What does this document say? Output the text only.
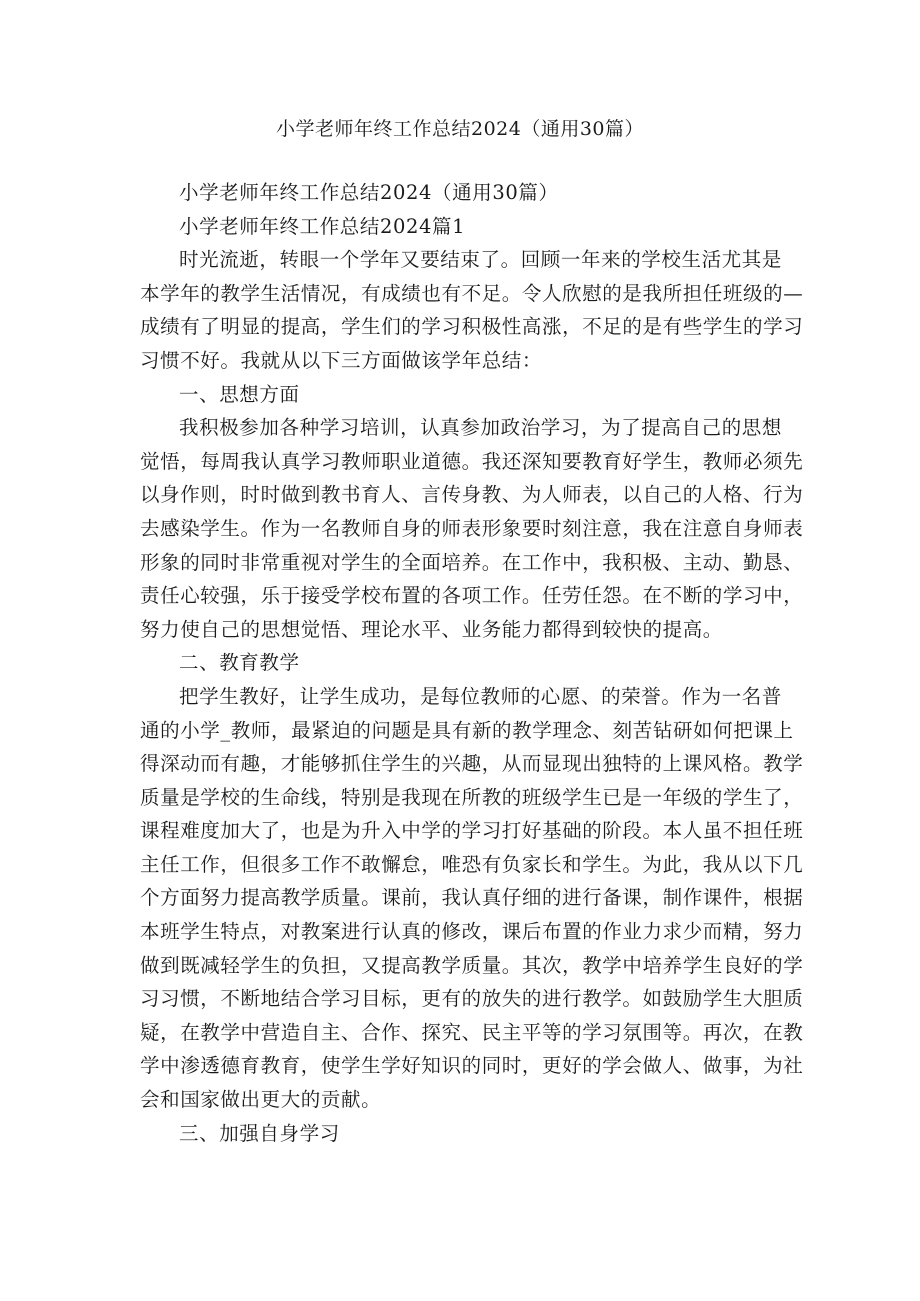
小学老师年终工作总结2024（通用30篇）
小学老师年终工作总结2024（通用30篇）
小学老师年终工作总结2024篇1
时光流逝，转眼一个学年又要结束了。回顾一年来的学校生活尤其是
本学年的教学生活情况，有成绩也有不足。令人欣慰的是我所担任班级的—
成绩有了明显的提高，学生们的学习积极性高涨，不足的是有些学生的学习
习惯不好。我就从以下三方面做该学年总结：
一、思想方面
我积极参加各种学习培训，认真参加政治学习，为了提高自己的思想
觉悟，每周我认真学习教师职业道德。我还深知要教育好学生，教师必须先
以身作则，时时做到教书育人、言传身教、为人师表，以自己的人格、行为
去感染学生。作为一名教师自身的师表形象要时刻注意，我在注意自身师表
形象的同时非常重视对学生的全面培养。在工作中，我积极、主动、勤恳、
责任心较强，乐于接受学校布置的各项工作。任劳任怨。在不断的学习中，
努力使自己的思想觉悟、理论水平、业务能力都得到较快的提高。
二、教育教学
把学生教好，让学生成功，是每位教师的心愿、的荣誉。作为一名普
通的小学_教师，最紧迫的问题是具有新的教学理念、刻苦钻研如何把课上
得深动而有趣，才能够抓住学生的兴趣，从而显现出独特的上课风格。教学
质量是学校的生命线，特别是我现在所教的班级学生已是一年级的学生了，
课程难度加大了，也是为升入中学的学习打好基础的阶段。本人虽不担任班
主任工作，但很多工作不敢懈怠，唯恐有负家长和学生。为此，我从以下几
个方面努力提高教学质量。课前，我认真仔细的进行备课，制作课件，根据
本班学生特点，对教案进行认真的修改，课后布置的作业力求少而精，努力
做到既减轻学生的负担，又提高教学质量。其次，教学中培养学生良好的学
习习惯，不断地结合学习目标，更有的放失的进行教学。如鼓励学生大胆质
疑，在教学中营造自主、合作、探究、民主平等的学习氛围等。再次，在教
学中渗透德育教育，使学生学好知识的同时，更好的学会做人、做事，为社
会和国家做出更大的贡献。
三、加强自身学习
